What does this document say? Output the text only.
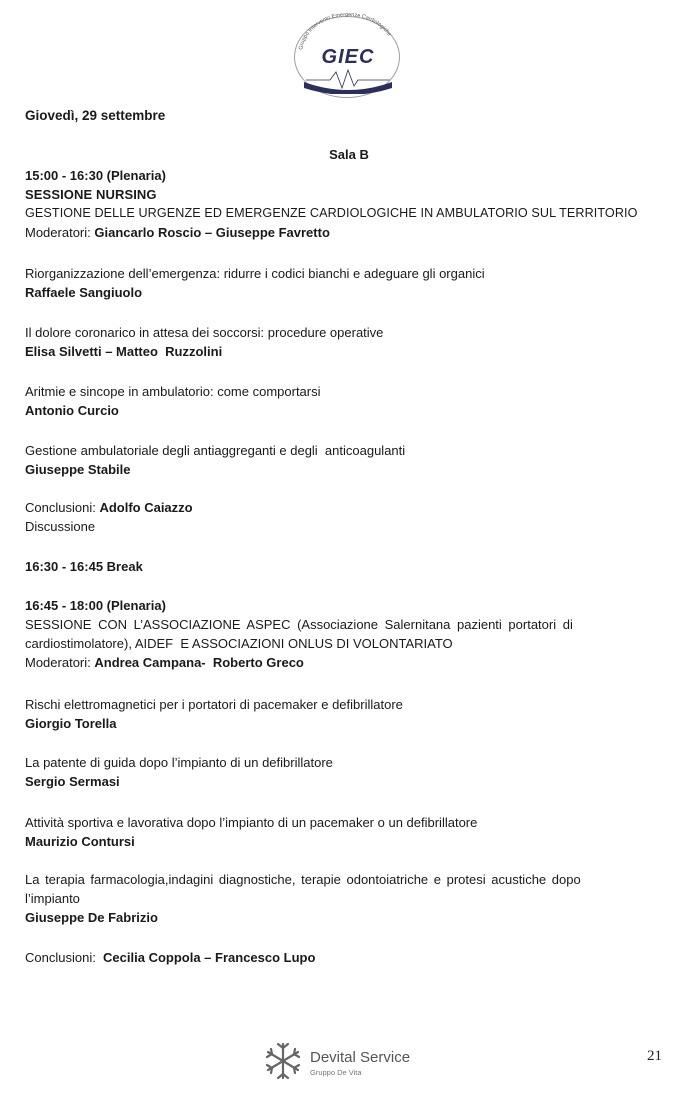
Gruppo Intervento Emergenze Cardiologiche
GIEC
Giovedì, 29 settembre
Sala B
15:00 - 16:30 (Plenaria)
SESSIONE NURSING
GESTIONE DELLE URGENZE ED EMERGENZE CARDIOLOGICHE IN AMBULATORIO SUL TERRITORIO
Moderatori: Giancarlo Roscio – Giuseppe Favretto
Riorganizzazione dell’emergenza: ridurre i codici bianchi e adeguare gli organici
Raffaele Sangiuolo
Il dolore coronarico in attesa dei soccorsi: procedure operative
Elisa Silvetti – Matteo  Ruzzolini
Aritmie e sincope in ambulatorio: come comportarsi
Antonio Curcio
Gestione ambulatoriale degli antiaggreganti e degli  anticoagulanti
Giuseppe Stabile
Conclusioni: Adolfo Caiazzo
Discussione
16:30 - 16:45 Break
16:45 - 18:00 (Plenaria)
SESSIONE CON L’ASSOCIAZIONE ASPEC (Associazione Salernitana pazienti portatori di
cardiostimolatore), AIDEF  E ASSOCIAZIONI ONLUS DI VOLONTARIATO
Moderatori: Andrea Campana-  Roberto Greco
Rischi elettromagnetici per i portatori di pacemaker e defibrillatore
Giorgio Torella
La patente di guida dopo l’impianto di un defibrillatore
Sergio Sermasi
Attività sportiva e lavorativa dopo l’impianto di un pacemaker o un defibrillatore
Maurizio Contursi
La terapia farmacologia,indagini diagnostiche, terapie odontoiatriche e protesi acustiche dopo
l’impianto
Giuseppe De Fabrizio
Conclusioni:  Cecilia Coppola – Francesco Lupo
Devital Service
Gruppo De Vita
21
